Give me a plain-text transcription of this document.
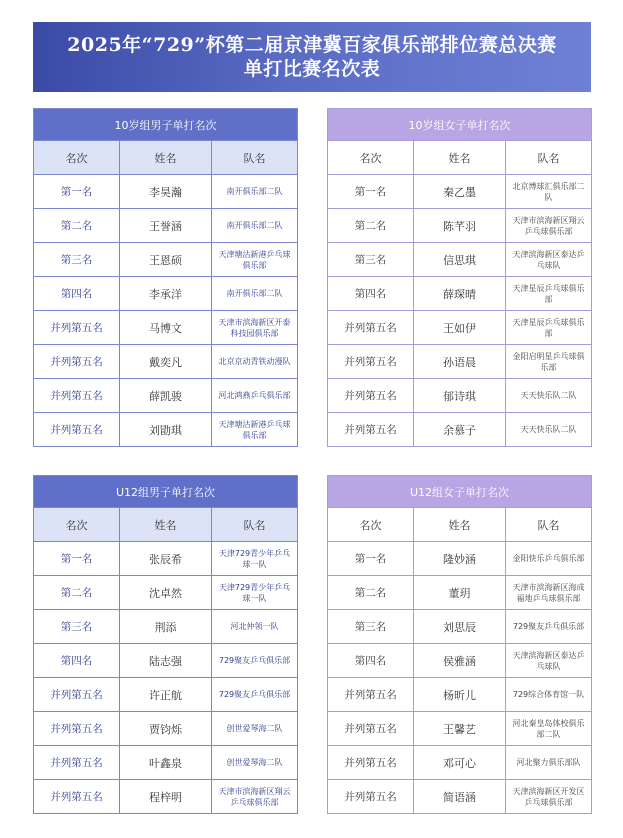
2025年“729”杯第二届京津冀百家俱乐部排位赛总决赛
单打比赛名次表
10岁组男子单打名次		
名次	姓名	队名
第一名	李昊瀚	南开俱乐部二队
第二名	王誉涵	南开俱乐部二队
第三名	王恩硕	天津塘沽新港乒乓球俱乐部
第四名	李承洋	南开俱乐部二队
并列第五名	马博文	天津市滨海新区开泰科技园俱乐部
并列第五名	戴奕凡	北京京动青铁动漫队
并列第五名	薛凯骏	河北鸿燕乒乓俱乐部
并列第五名	刘勖琪	天津塘沽新港乒乓球俱乐部
10岁组女子单打名次		
名次	姓名	队名
第一名	秦乙墨	北京博球汇俱乐部二队
第二名	陈芊羽	天津市滨海新区翔云乒乓球俱乐部
第三名	信思琪	天津滨海新区泰达乒乓球队
第四名	薛琛晴	天津星辰乒乓球俱乐部
并列第五名	王如伊	天津星辰乒乓球俱乐部
并列第五名	孙语晨	金阳启明星乒乓球俱乐部
并列第五名	郁诗琪	天天快乐队二队
并列第五名	余慕子	天天快乐队二队
U12组男子单打名次		
名次	姓名	队名
第一名	张辰希	天津729青少年乒乓球一队
第二名	沈卓然	天津729青少年乒乓球一队
第三名	荆添	河北仲领一队
第四名	陆志强	729聚友乒乓俱乐部
并列第五名	许正航	729聚友乒乓俱乐部
并列第五名	贾钧烁	创世爱琴海二队
并列第五名	叶鑫泉	创世爱琴海二队
并列第五名	程梓明	天津市滨海新区翔云乒乓球俱乐部
U12组女子单打名次		
名次	姓名	队名
第一名	隆妙涵	金阳快乐乒乓俱乐部
第二名	董玥	天津市滨海新区海成福地乒乓球俱乐部
第三名	刘思辰	729聚友乒乓俱乐部
第四名	侯雅涵	天津滨海新区泰达乒乓球队
并列第五名	杨昕儿	729综合体育馆一队
并列第五名	王馨艺	河北秦皇岛体校俱乐部二队
并列第五名	邓可心	河北聚力俱乐部队
并列第五名	简语涵	天津滨海新区开发区乒乓球俱乐部
